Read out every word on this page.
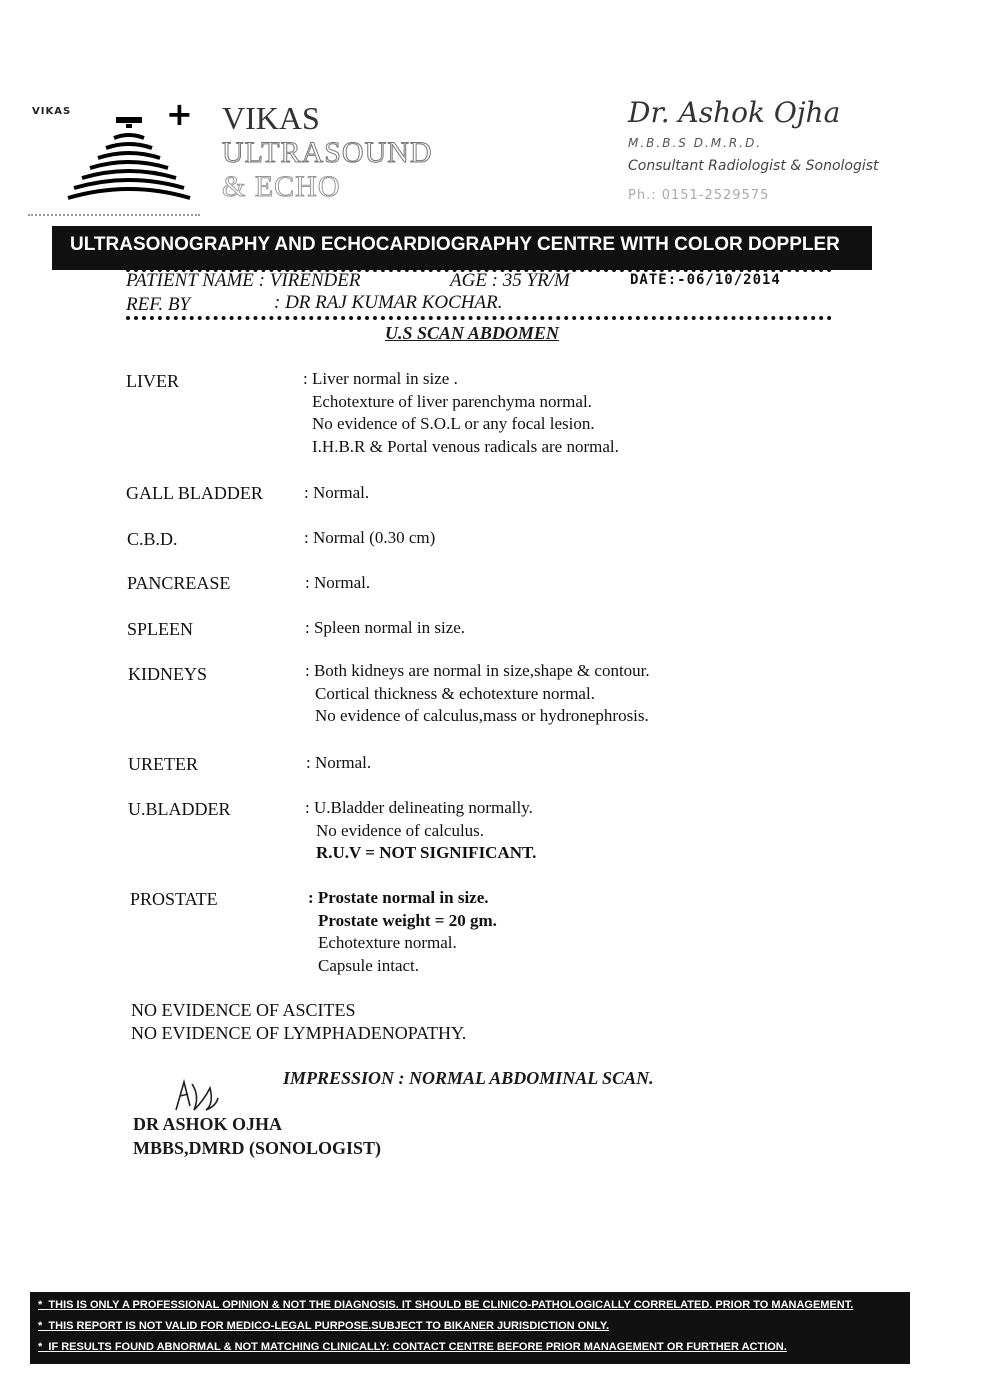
VIKAS	+ VIKAS
ULTRASOUND
& ECHO
Dr. Ashok Ojha
M.B.B.S D.M.R.D.
Consultant Radiologist & Sonologist
Ph.: 0151-2529575
ULTRASONOGRAPHY AND ECHOCARDIOGRAPHY CENTRE WITH COLOR DOPPLER
PATIENT NAME : VIRENDER	AGE : 35 YR/M	DATE:-06/10/2014
REF. BY	: DR RAJ KUMAR KOCHAR.
U.S SCAN ABDOMEN
LIVER	: Liver normal in size .
Echotexture of liver parenchyma normal.
No evidence of S.O.L or any focal lesion.
I.H.B.R & Portal venous radicals are normal.
GALL BLADDER : Normal.
C.B.D.	: Normal (0.30 cm)
PANCREASE	: Normal.
SPLEEN	: Spleen normal in size.
KIDNEYS	: Both kidneys are normal in size,shape & contour.
Cortical thickness & echotexture normal.
No evidence of calculus,mass or hydronephrosis.
URETER	: Normal.
U.BLADDER	: U.Bladder delineating normally.
No evidence of calculus.
R.U.V = NOT SIGNIFICANT.
PROSTATE	: Prostate normal in size.
Prostate weight = 20 gm.
Echotexture normal.
Capsule intact.
NO EVIDENCE OF ASCITES
NO EVIDENCE OF LYMPHADENOPATHY.
IMPRESSION : NORMAL ABDOMINAL SCAN.
DR ASHOK OJHA
MBBS,DMRD (SONOLOGIST)
*  THIS IS ONLY A PROFESSIONAL OPINION & NOT THE DIAGNOSIS. IT SHOULD BE CLINICO-PATHOLOGICALLY CORRELATED. PRIOR TO MANAGEMENT.
*  THIS REPORT IS NOT VALID FOR MEDICO-LEGAL PURPOSE.SUBJECT TO BIKANER JURISDICTION ONLY.
*  IF RESULTS FOUND ABNORMAL & NOT MATCHING CLINICALLY: CONTACT CENTRE BEFORE PRIOR MANAGEMENT OR FURTHER ACTION.
